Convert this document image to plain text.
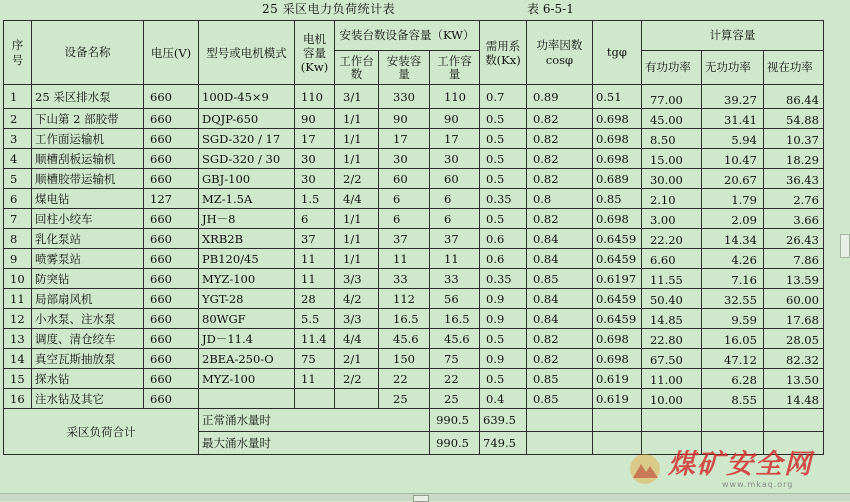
25 采区电力负荷统计表	表 6-5-1
序号	设备名称	电压(V)	型号或电机模式	电机容量(Kw)	安装台数设备容量（KW）			需用系数(Kx)	功率因数cosφ	tgφ	计算容量		
					工作台数	安装容量	工作容量				有功功率	无功功率	视在功率
1	25 采区排水泵	660	100D-45×9	110	3/1	330	110	0.7	0.89	0.51	77.00	39.27	86.44
2	下山第 2 部胶带	660	DQJP-650	90	1/1	90	90	0.5	0.82	0.698	45.00	31.41	54.88
3	工作面运输机	660	SGD-320 / 17	17	1/1	17	17	0.5	0.82	0.698	8.50	5.94	10.37
4	顺槽刮板运输机	660	SGD-320 / 30	30	1/1	30	30	0.5	0.82	0.698	15.00	10.47	18.29
5	顺槽胶带运输机	660	GBJ-100	30	2/2	60	60	0.5	0.82	0.689	30.00	20.67	36.43
6	煤电钻	127	MZ-1.5A	1.5	4/4	6	6	0.35	0.8	0.85	2.10	1.79	2.76
7	回柱小绞车	660	JH－8	6	1/1	6	6	0.5	0.82	0.698	3.00	2.09	3.66
8	乳化泵站	660	XRB2B	37	1/1	37	37	0.6	0.84	0.6459	22.20	14.34	26.43
9	喷雾泵站	660	PB120/45	11	1/1	11	11	0.6	0.84	0.6459	6.60	4.26	7.86
10	防突钻	660	MYZ-100	11	3/3	33	33	0.35	0.85	0.6197	11.55	7.16	13.59
11	局部扇风机	660	YGT-28	28	4/2	112	56	0.9	0.84	0.6459	50.40	32.55	60.00
12	小水泵、注水泵	660	80WGF	5.5	3/3	16.5	16.5	0.9	0.84	0.6459	14.85	9.59	17.68
13	调度、清仓绞车	660	JD－11.4	11.4	4/4	45.6	45.6	0.5	0.82	0.698	22.80	16.05	28.05
14	真空瓦斯抽放泵	660	2BEA-250-O	75	2/1	150	75	0.9	0.82	0.698	67.50	47.12	82.32
15	探水钻	660	MYZ-100	11	2/2	22	22	0.5	0.85	0.619	11.00	6.28	13.50
16	注水钻及其它	660				25	25	0.4	0.85	0.619	10.00	8.55	14.48
采区负荷合计			正常涌水量时				990.5	639.5					
			最大涌水量时				990.5	749.5					
煤矿安全网
www.mkaq.org
